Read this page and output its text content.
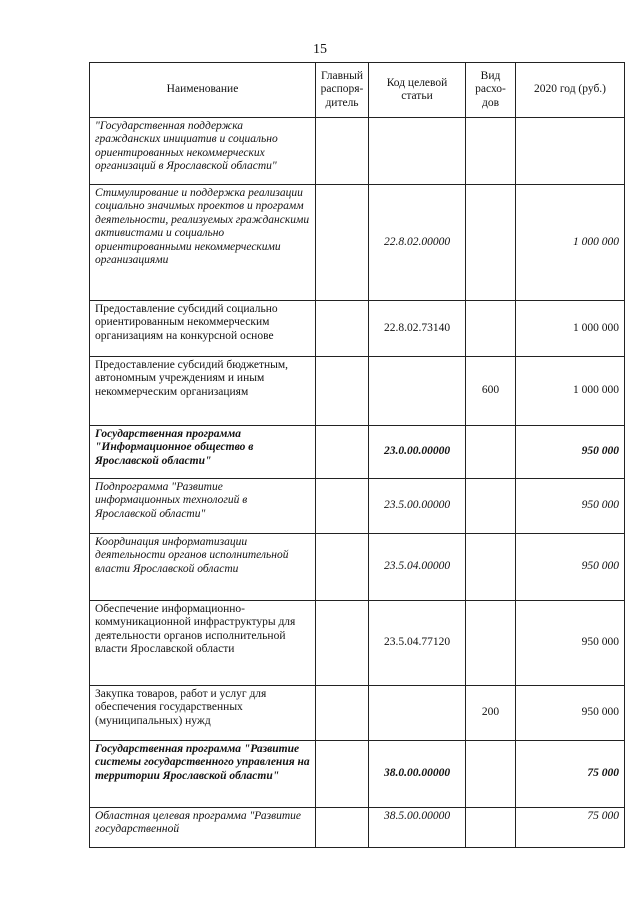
15
Наименование	Главный распоря-дитель	Код целевой статьи	Вид расхо-дов	2020 год (руб.)
"Государственная поддержка гражданских инициатив и социально ориентированных некоммерческих организаций в Ярославской области"				
Стимулирование и поддержка реализации социально значимых проектов и программ деятельности, реализуемых гражданскими активистами и социально ориентированными некоммерческими организациями		22.8.02.00000		1 000 000
Предоставление субсидий социально ориентированным некоммерческим организациям на конкурсной основе		22.8.02.73140		1 000 000
Предоставление субсидий бюджетным, автономным учреждениям и иным некоммерческим организациям			600	1 000 000
Государственная программа "Информационное общество в Ярославской области"		23.0.00.00000		950 000
Подпрограмма "Развитие информационных технологий в Ярославской области"		23.5.00.00000		950 000
Координация информатизации деятельности органов исполнительной власти Ярославской области		23.5.04.00000		950 000
Обеспечение информационно-коммуникационной инфраструктуры для деятельности органов исполнительной власти Ярославской области		23.5.04.77120		950 000
Закупка товаров, работ и услуг для обеспечения государственных (муниципальных) нужд			200	950 000
Государственная программа "Развитие системы государственного управления на территории Ярославской области"		38.0.00.00000		75 000
Областная целевая программа "Развитие государственной		38.5.00.00000		75 000
